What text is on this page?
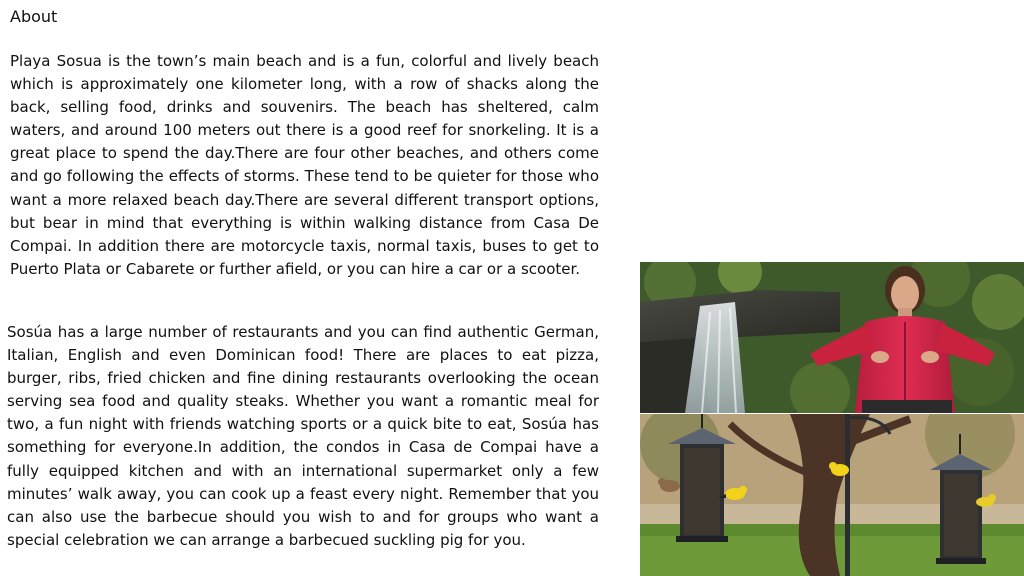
About

Playa Sosua is the town’s main beach and is a fun, colorful and lively beach which is approximately one kilometer long, with a row of shacks along the back, selling food, drinks and souvenirs. The beach has sheltered, calm waters, and around 100 meters out there is a good reef for snorkeling. It is a great place to spend the day.There are four other beaches, and others come and go following the effects of storms. These tend to be quieter for those who want a more relaxed beach day.There are several different transport options, but bear in mind that everything is within walking distance from Casa De Compai. In addition there are motorcycle taxis, normal taxis, buses to get to Puerto Plata or Cabarete or further afield, or you can hire a car or a scooter.

Sosúa has a large number of restaurants and you can find authentic German, Italian, English and even Dominican food! There are places to eat pizza, burger, ribs, fried chicken and fine dining restaurants overlooking the ocean serving sea food and quality steaks. Whether you want a romantic meal for two, a fun night with friends watching sports or a quick bite to eat, Sosúa has something for everyone.In addition, the condos in Casa de Compai have a fully equipped kitchen and with an international supermarket only a few minutes’ walk away, you can cook up a feast every night. Remember that you can also use the barbecue should you wish to and for groups who want a special celebration we can arrange a barbecued suckling pig for you.
